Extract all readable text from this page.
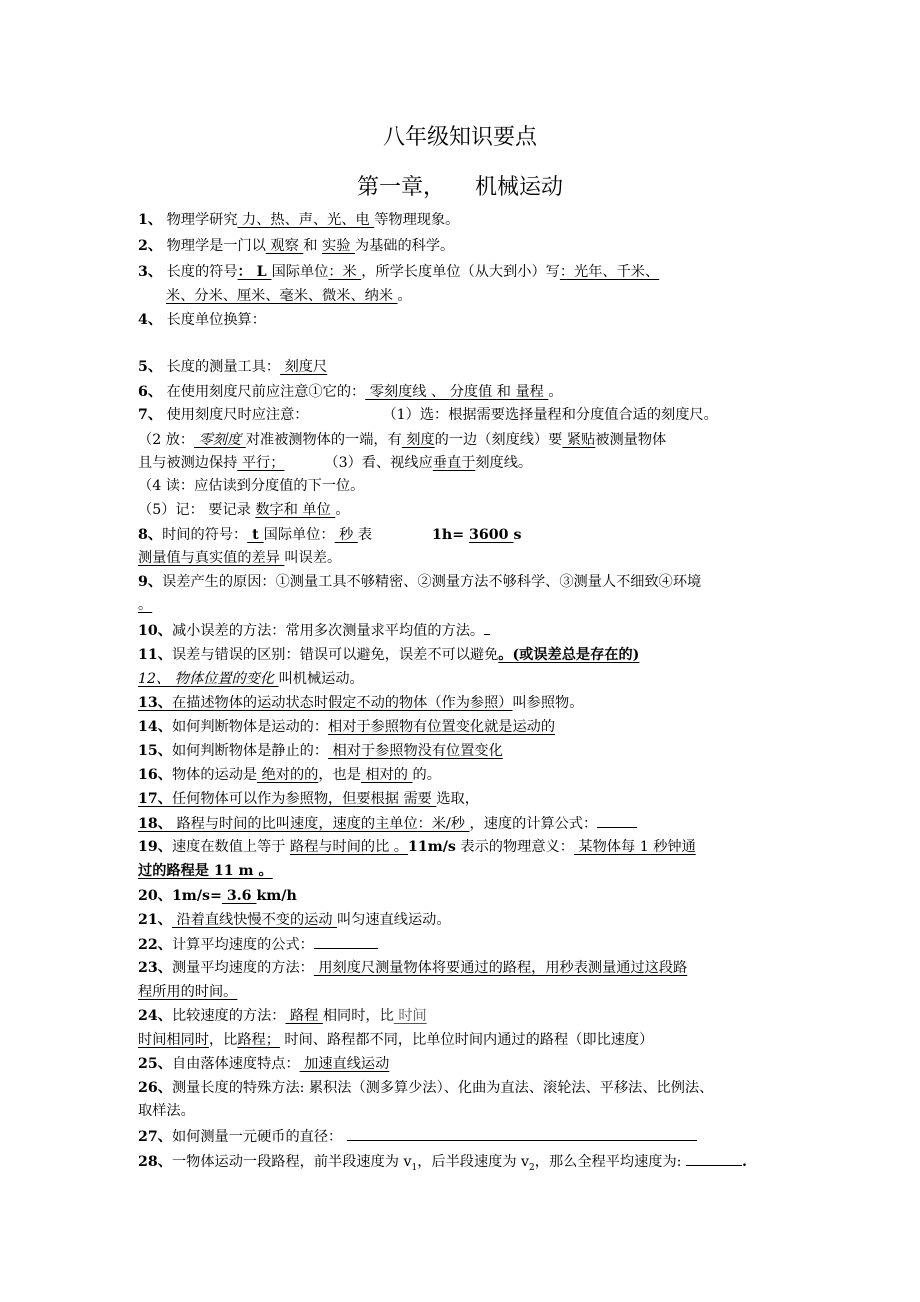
八年级知识要点
第一章， 机械运动
1、 物理学研究 力、热、声、光、电 等物理现象。
2、 物理学是一门以 观察 和 实验 为基础的科学。
3、 长度的符号： L 国际单位：米 ，所学长度单位（从大到小）写：光年、千米、
米、分米、厘米、毫米、微米、纳米 。
4、 长度单位换算：
5、 长度的测量工具： 刻度尺
6、 在使用刻度尺前应注意①它的： 零刻度线 、 分度值 和 量程 。
7、 使用刻度尺时应注意：	（1）选：根据需要选择量程和分度值合适的刻度尺。
（2 放： 零刻度 对准被测物体的一端，有 刻度的一边（刻度线）要 紧贴被测量物体
且与被测边保持 平行；	（3）看、视线应垂直于刻度线。
（4 读：应估读到分度值的下一位。
（5）记： 要记录 数字和 单位 。
8、时间的符号： t 国际单位： 秒 表	1h= 3600 s
测量值与真实值的差异 叫误差。
9、误差产生的原因：①测量工具不够精密、②测量方法不够科学、③测量人不细致④环境
。
10、减小误差的方法：常用多次测量求平均值的方法。
11、误差与错误的区别：错误可以避免，误差不可以避免。(或误差总是存在的)
12、 物体位置的变化 叫机械运动。
13、在描述物体的运动状态时假定不动的物体（作为参照）叫参照物。
14、如何判断物体是运动的：相对于参照物有位置变化就是运动的
15、如何判断物体是静止的： 相对于参照物没有位置变化
16、物体的运动是 绝对的的，也是 相对的 的。
17、任何物体可以作为参照物，但要根据 需要 选取，
18、 路程与时间的比叫速度，速度的主单位：米/秒 ，速度的计算公式：
19、速度在数值上等于 路程与时间的比 。11m/s 表示的物理意义： 某物体每 1 秒钟通
过的路程是 11 m 。
20、1m/s= 3.6 km/h
21、 沿着直线快慢不变的运动 叫匀速直线运动。
22、计算平均速度的公式：
23、测量平均速度的方法： 用刻度尺测量物体将要通过的路程，用秒表测量通过这段路
程所用的时间。
24、比较速度的方法： 路程 相同时，比 时间
时间相同时，比路程； 时间、路程都不同，比单位时间内通过的路程（即比速度）
25、自由落体速度特点： 加速直线运动
26、测量长度的特殊方法: 累积法（测多算少法）、化曲为直法、滚轮法、平移法、比例法、
取样法。
27、如何测量一元硬币的直径：
28、一物体运动一段路程，前半段速度为 $v_1$，后半段速度为 $v_2$，那么全程平均速度为:	.
